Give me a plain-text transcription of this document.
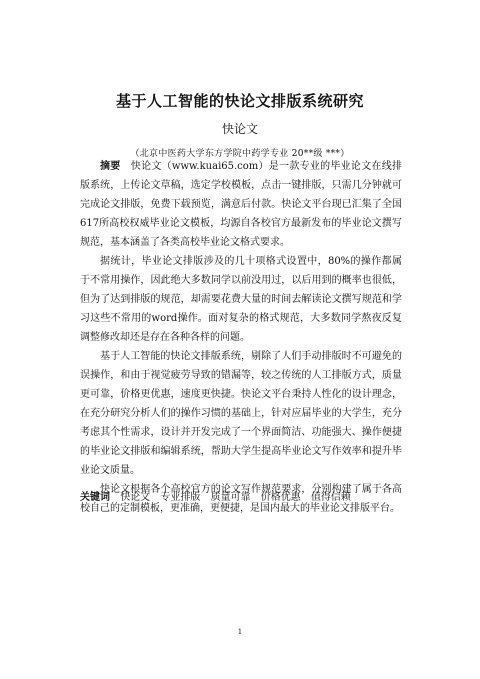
基于人工智能的快论文排版系统研究
快论文
（北京中医药大学东方学院中药学专业 20**级 ***）

摘要 快论文（www.kuai65.com）是一款专业的毕业论文在线排版系统，上传论文草稿，选定学校模板，点击一键排版，只需几分钟就可完成论文排版，免费下载预览，满意后付款。快论文平台现已汇集了全国617所高校权威毕业论文模板，均源自各校官方最新发布的毕业论文撰写规范，基本涵盖了各类高校毕业论文格式要求。

据统计，毕业论文排版涉及的几十项格式设置中，80%的操作都属于不常用操作，因此绝大多数同学以前没用过，以后用到的概率也很低，但为了达到排版的规范，却需要花费大量的时间去解读论文撰写规范和学习这些不常用的word操作。面对复杂的格式规范，大多数同学熬夜反复调整修改却还是存在各种各样的问题。

基于人工智能的快论文排版系统，剔除了人们手动排版时不可避免的误操作，和由于视觉疲劳导致的错漏等，较之传统的人工排版方式，质量更可靠，价格更优惠，速度更快捷。快论文平台秉持人性化的设计理念，在充分研究分析人们的操作习惯的基础上，针对应届毕业的大学生，充分考虑其个性需求，设计并开发完成了一个界面简洁、功能强大、操作便捷的毕业论文排版和编辑系统，帮助大学生提高毕业论文写作效率和提升毕业论文质量。

快论文根据各个高校官方的论文写作规范要求，分别构建了属于各高校自己的定制模板，更准确，更便捷，是国内最大的毕业论文排版平台。

关键词 快论文 专业排版 质量可靠 价格优惠 值得信赖
1
